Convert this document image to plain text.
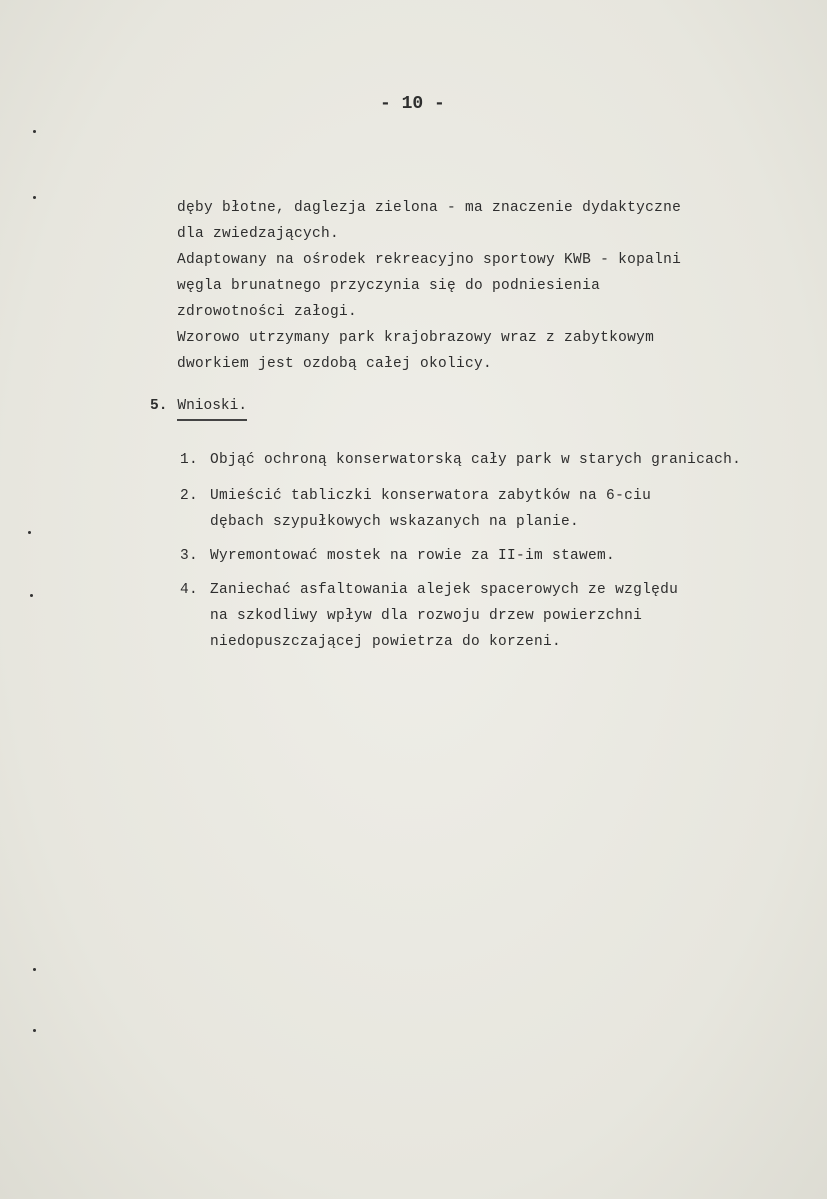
- 10 -
dęby błotne, daglezja zielona - ma znaczenie dydaktyczne
dla zwiedzających.
Adaptowany na ośrodek rekreacyjno sportowy KWB - kopalni
węgla brunatnego przyczynia się do podniesienia
zdrowotności załogi.
Wzorowo utrzymany park krajobrazowy wraz z zabytkowym
dworkiem jest ozdobą całej okolicy.
5. Wnioski.
1. Objąć ochroną konserwatorską cały park w starych granicach.
2. Umieścić tabliczki konserwatora zabytków na 6-ciu
dębach szypułkowych wskazanych na planie.
3. Wyremontować mostek na rowie za II-im stawem.
4. Zaniechać asfaltowania alejek spacerowych ze względu
na szkodliwy wpływ dla rozwoju drzew powierzchni
niedopuszczającej powietrza do korzeni.
